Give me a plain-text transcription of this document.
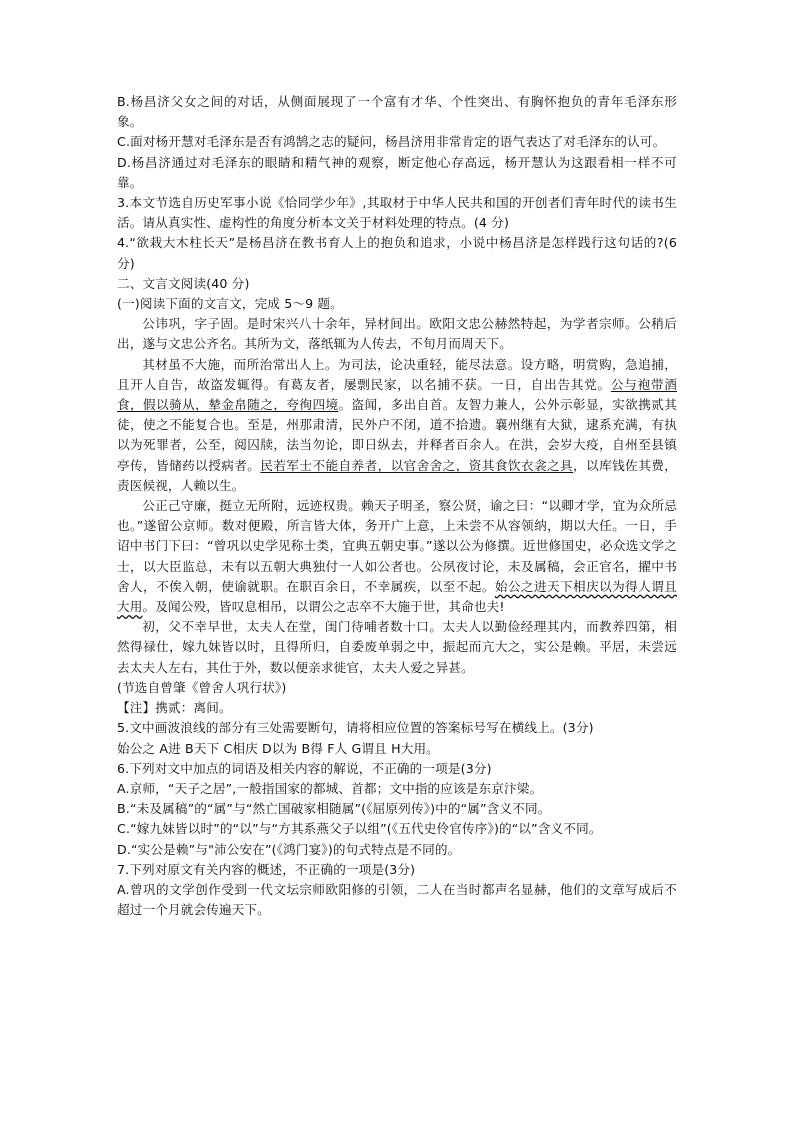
B.杨昌济父女之间的对话，从侧面展现了一个富有才华、个性突出、有胸怀抱负的青年毛泽东形象。

C.面对杨开慧对毛泽东是否有鸿鹄之志的疑问，杨昌济用非常肯定的语气表达了对毛泽东的认可。

D.杨昌济通过对毛泽东的眼睛和精气神的观察，断定他心存高远，杨开慧认为这跟看相一样不可靠。

3.本文节选自历史军事小说《恰同学少年》,其取材于中华人民共和国的开创者们青年时代的读书生活。请从真实性、虚构性的角度分析本文关于材料处理的特点。(4 分)

4.“欲栽大木柱长天”是杨昌济在教书育人上的抱负和追求，小说中杨昌济是怎样践行这句话的?(6分)

二、文言文阅读(40 分)

(一)阅读下面的文言文，完成 5～9 题。

公讳巩，字子固。是时宋兴八十余年，异材间出。欧阳文忠公赫然特起，为学者宗师。公稍后出，遂与文忠公齐名。其所为文，落纸辄为人传去，不旬月而周天下。

其材虽不大施，而所治常出人上。为司法，论决重轻，能尽法意。设方略，明赏购，急追捕，且开人自告，故盗发辄得。有葛友者，屡剽民家，以名捕不获。一日，自出告其党。公与袍带酒食，假以骑从，辇金帛随之，夸徇四境。盗闻，多出自首。友智力兼人，公外示彰显，实欲携贰其徒，使之不能复合也。至是，州那肃清，民外户不闭，道不拾遗。襄州继有大狱，逮系充满，有执以为死罪者，公至，阅囚牍，法当勿论，即日纵去，并释者百余人。在洪，会岁大疫，自州至县镇亭传，皆储药以授病者。民若军士不能自养者，以官舍舍之，资其食饮衣衾之具，以库钱佐其费，责医候视，人赖以生。

公正己守廉，挺立无所附，远迹权贵。赖天子明圣，察公贤，谕之曰：“以卿才学，宜为众所忌也。”遂留公京师。数对便殿，所言皆大体，务开广上意，上未尝不从容领纳，期以大任。一日，手诏中书门下曰：“曾巩以史学见称士类，宜典五朝史事。”遂以公为修撰。近世修国史，必众选文学之士，以大臣监总，未有以五朝大典独付一人如公者也。公夙夜讨论，未及属稿，会正官名，擢中书舍人，不俟入朝，使谕就职。在职百余日，不幸属疾，以至不起。始公之进天下相庆以为得人谓且大用。及闻公殁，皆叹息相吊，以谓公之志卒不大施于世，其命也夫!

初，父不幸早世，太夫人在堂，闺门待哺者数十口。太夫人以勤俭经理其内，而教养四第，相然得禄仕，嫁九妹皆以时，且得所归，自委废单弱之中，振起而亢大之，实公是赖。平居，未尝远去太夫人左右，其仕于外，数以便亲求徙官，太夫人爱之异甚。

(节选自曾肇《曾舍人巩行状》)

【注】携贰：离间。

5.文中画波浪线的部分有三处需要断句，请将相应位置的答案标号写在横线上。(3分)

始公之 A进 B天下 C相庆 D以为 B得 F人 G谓且 H大用。

6.下列对文中加点的词语及相关内容的解说，不正确的一项是(3分)

A.京师，“天子之居”,一般指国家的都城、首都；文中指的应该是东京汴梁。

B.“未及属稿”的“属”与“然亡国破家相随属”(《屈原列传》)中的“属”含义不同。

C.“嫁九妹皆以时”的“以”与“方其系燕父子以组”(《五代史伶官传序》)的“以”含义不同。

D.“实公是赖”与"沛公安在”(《鸿门宴》)的句式特点是不同的。

7.下列对原文有关内容的概述，不正确的一项是(3分)

A.曾巩的文学创作受到一代文坛宗师欧阳修的引领，二人在当时都声名显赫，他们的文章写成后不超过一个月就会传遍天下。
